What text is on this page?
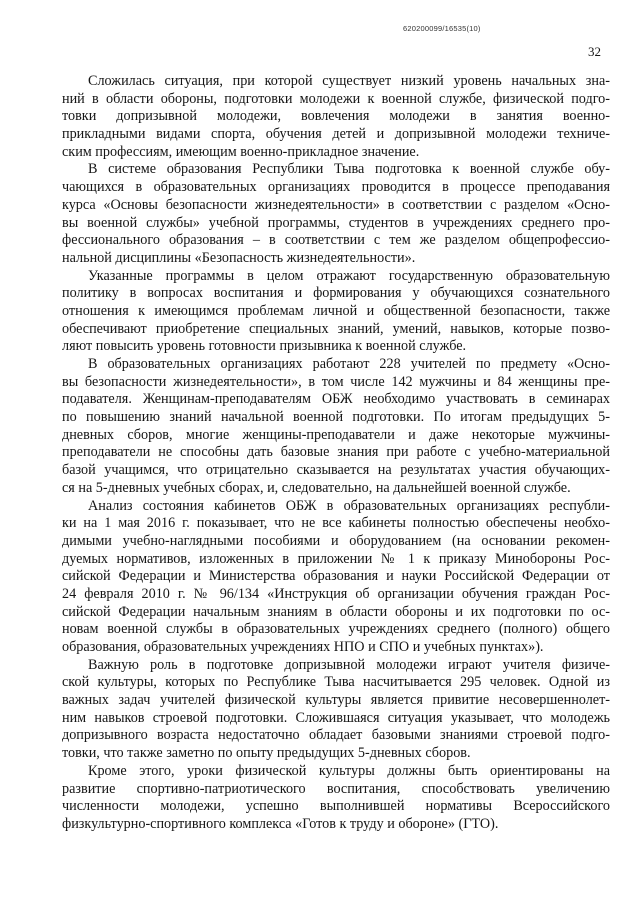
620200099/16535(10)
32
Сложилась ситуация, при которой существует низкий уровень начальных зна-
ний в области обороны, подготовки молодежи к военной службе, физической подго-
товки допризывной молодежи, вовлечения молодежи в занятия военно-
прикладными видами спорта, обучения детей и допризывной молодежи техниче-
ским профессиям, имеющим военно-прикладное значение.
В системе образования Республики Тыва подготовка к военной службе обу-
чающихся в образовательных организациях проводится в процессе преподавания
курса «Основы безопасности жизнедеятельности» в соответствии с разделом «Осно-
вы военной службы» учебной программы, студентов в учреждениях среднего про-
фессионального образования – в соответствии с тем же разделом общепрофессио-
нальной дисциплины «Безопасность жизнедеятельности».
Указанные программы в целом отражают государственную образовательную
политику в вопросах воспитания и формирования у обучающихся сознательного
отношения к имеющимся проблемам личной и общественной безопасности, также
обеспечивают приобретение специальных знаний, умений, навыков, которые позво-
ляют повысить уровень готовности призывника к военной службе.
В образовательных организациях работают 228 учителей по предмету «Осно-
вы безопасности жизнедеятельности», в том числе 142 мужчины и 84 женщины пре-
подавателя. Женщинам-преподавателям ОБЖ необходимо участвовать в семинарах
по повышению знаний начальной военной подготовки. По итогам предыдущих 5-
дневных сборов, многие женщины-преподаватели и даже некоторые мужчины-
преподаватели не способны дать базовые знания при работе с учебно-материальной
базой учащимся, что отрицательно сказывается на результатах участия обучающих-
ся на 5-дневных учебных сборах, и, следовательно, на дальнейшей военной службе.
Анализ состояния кабинетов ОБЖ в образовательных организациях республи-
ки на 1 мая 2016 г. показывает, что не все кабинеты полностью обеспечены необхо-
димыми учебно-наглядными пособиями и оборудованием (на основании рекомен-
дуемых нормативов, изложенных в приложении № 1 к приказу Минобороны Рос-
сийской Федерации и Министерства образования и науки Российской Федерации от
24 февраля 2010 г. № 96/134 «Инструкция об организации обучения граждан Рос-
сийской Федерации начальным знаниям в области обороны и их подготовки по ос-
новам военной службы в образовательных учреждениях среднего (полного) общего
образования, образовательных учреждениях НПО и СПО и учебных пунктах»).
Важную роль в подготовке допризывной молодежи играют учителя физиче-
ской культуры, которых по Республике Тыва насчитывается 295 человек. Одной из
важных задач учителей физической культуры является привитие несовершеннолет-
ним навыков строевой подготовки. Сложившаяся ситуация указывает, что молодежь
допризывного возраста недостаточно обладает базовыми знаниями строевой подго-
товки, что также заметно по опыту предыдущих 5-дневных сборов.
Кроме этого, уроки физической культуры должны быть ориентированы на
развитие спортивно-патриотического воспитания, способствовать увеличению
численности молодежи, успешно выполнившей нормативы Всероссийского
физкультурно-спортивного комплекса «Готов к труду и обороне» (ГТО).
